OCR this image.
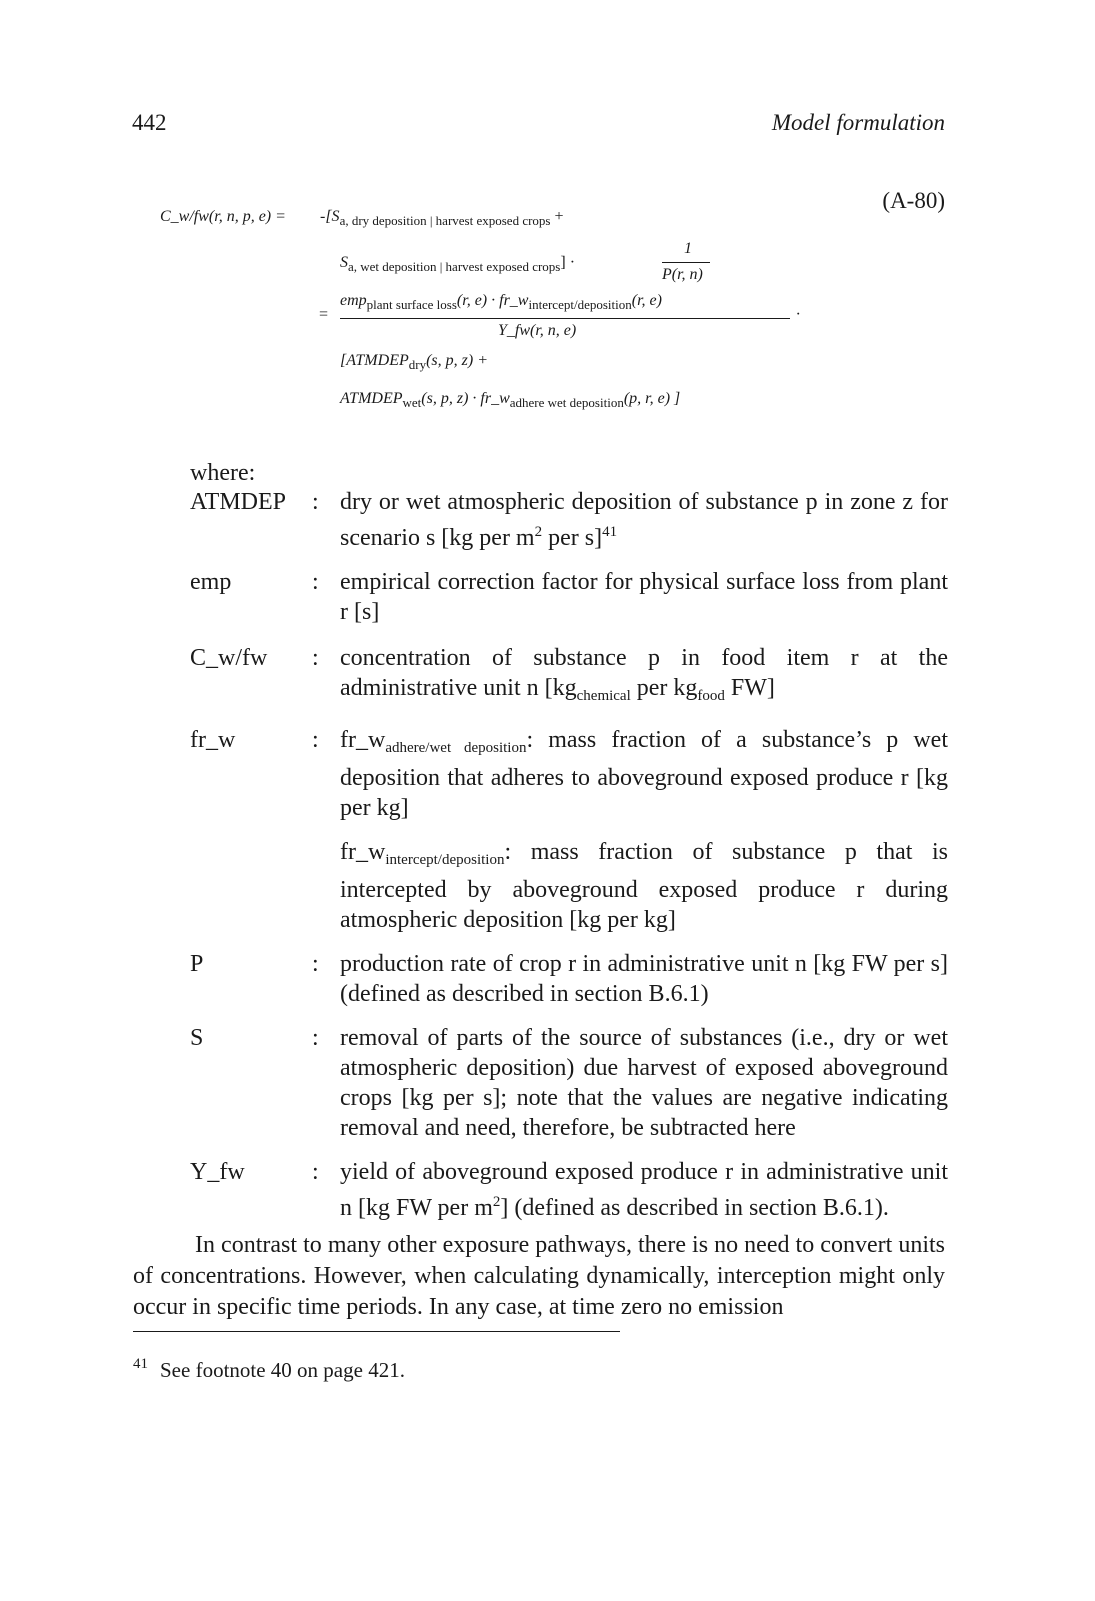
442	Model formulation
(A-80)
C_w/fw(r, n, p, $e) = -[S_{a, dry deposition | harvest exposed crops}$ +
$S_{a, wet deposition | harvest exposed crops}$] ·
1
P(r, n)
=
emp$_{plant surface loss}$(r, $e) \cdot fr\_w_{intercept/deposition}(r$, e)
Y_fw(r, n, e)
·
[$ATMDEP_{dry}(s$, p, z) +
$ATMDEP_{wet}(s$, p, $z) \cdot fr\_w_{adhere wet deposition}(p$, r, e) ]
where:
ATMDEP	: dry or wet atmospheric deposition of substance p in zone z for scenario s [kg per $m^2$ per s]$^{41}$
emp	: empirical correction factor for physical surface loss from plant r [s]
C_w/fw	: concentration of substance p in food item r at the administrative unit n [$kg_{chemical}$ per $kg_{food}$ FW]
fr_w	: $fr\_w_{adhere/wet deposition}$: mass fraction of a substance’s p wet deposition that adheres to aboveground exposed produce r [kg per kg]
$fr\_w_{intercept/deposition}$: mass fraction of substance p that is intercepted by aboveground exposed produce r during atmospheric deposition [kg per kg]
P	: production rate of crop r in administrative unit n [kg FW per s] (defined as described in section B.6.1)
S	: removal of parts of the source of substances (i.e., dry or wet atmospheric deposition) due harvest of exposed aboveground crops [kg per s]; note that the values are negative indicating removal and need, therefore, be subtracted here
Y_fw	: yield of aboveground exposed produce r in administrative unit n [kg FW per $m^2$] (defined as described in section B.6.1).
In contrast to many other exposure pathways, there is no need to convert units of concentrations. However, when calculating dynamically, interception might only occur in specific time periods. In any case, at time zero no emission
$^{41}$ See footnote 40 on page 421.
